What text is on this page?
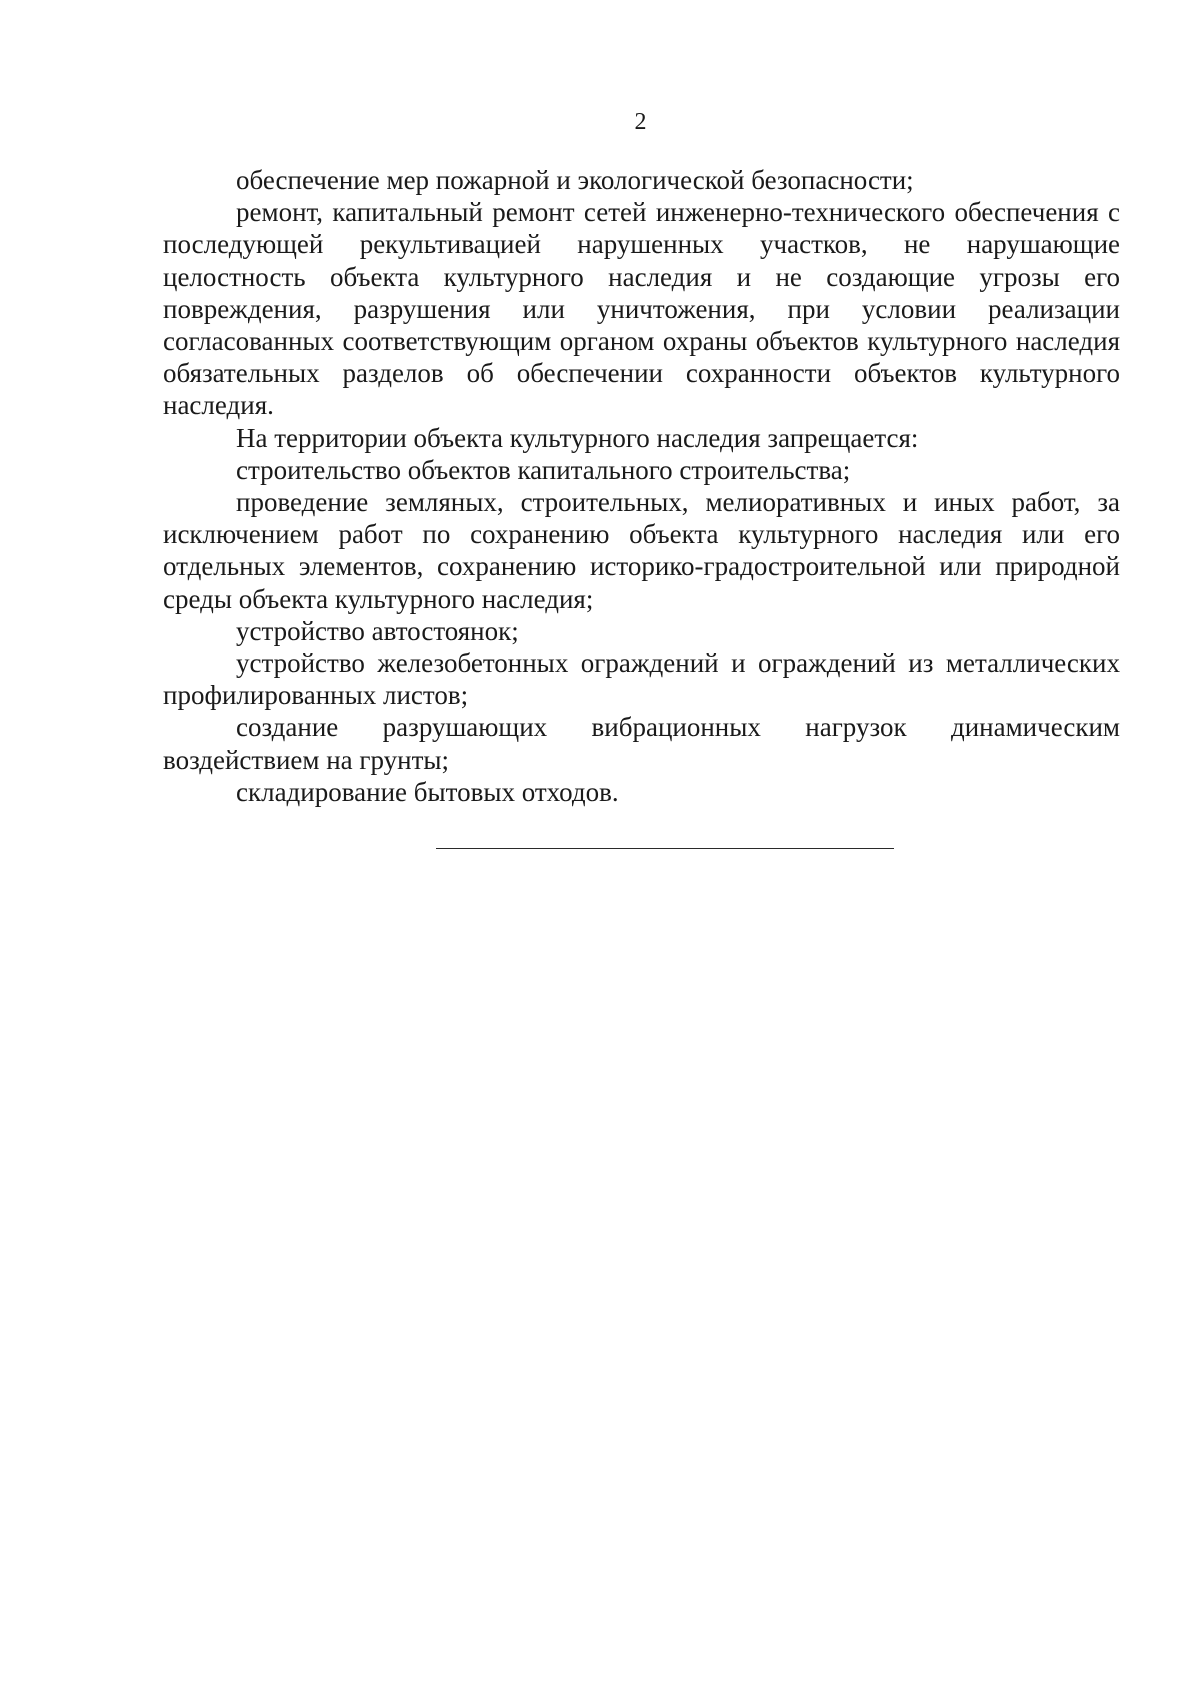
2

обеспечение мер пожарной и экологической безопасности;

ремонт, капитальный ремонт сетей инженерно-технического обеспечения с последующей рекультивацией нарушенных участков, не нарушающие целостность объекта культурного наследия и не создающие угрозы его повреждения, разрушения или уничтожения, при условии реализации согласованных соответствующим органом охраны объектов культурного наследия обязательных разделов об обеспечении сохранности объектов культурного наследия.

На территории объекта культурного наследия запрещается:

строительство объектов капитального строительства;

проведение земляных, строительных, мелиоративных и иных работ, за исключением работ по сохранению объекта культурного наследия или его отдельных элементов, сохранению историко-градостроительной или природной среды объекта культурного наследия;

устройство автостоянок;

устройство железобетонных ограждений и ограждений из металлических профилированных листов;

создание разрушающих вибрационных нагрузок динамическим воздействием на грунты;

складирование бытовых отходов.
